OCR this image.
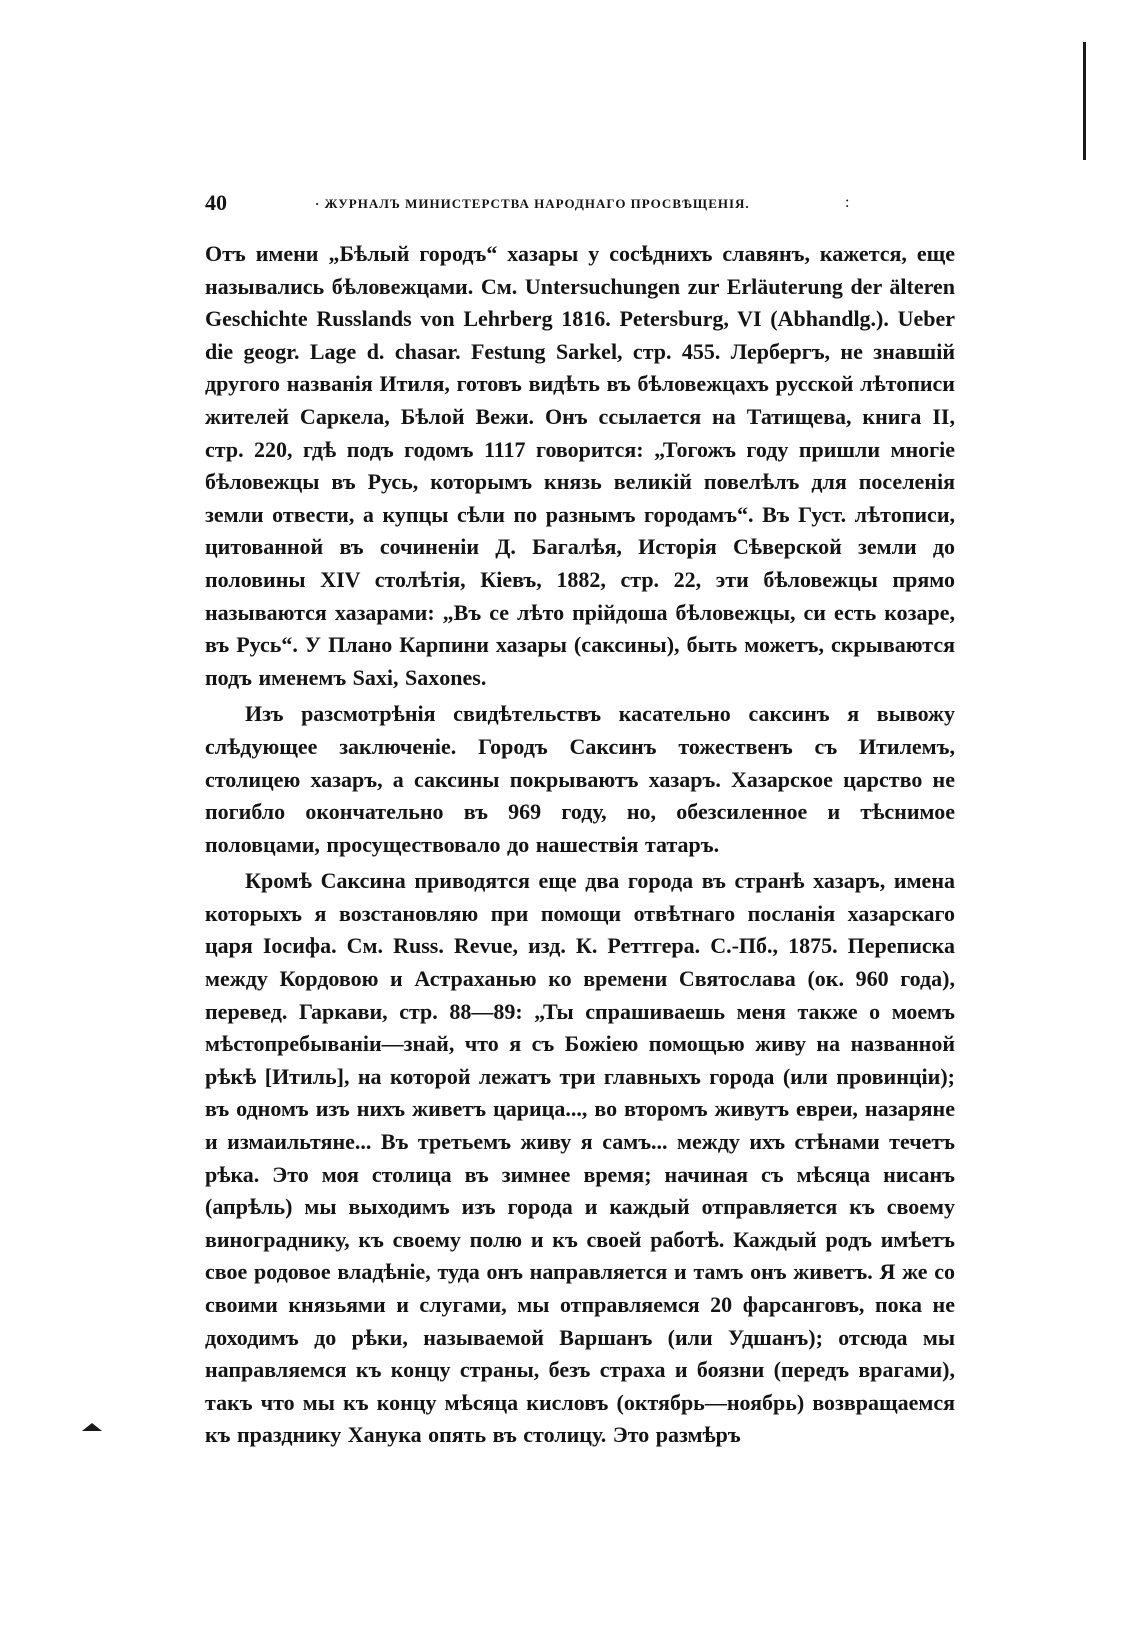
40	· ЖУРНАЛЪ МИНИСТЕРСТВА НАРОДНАГО ПРОСВѢЩЕНIЯ.	:

Отъ имени „Бѣлый городъ“ хазары у сосѣднихъ славянъ, кажется, еще назывались бѣловежцами. См. Untersuchungen zur Erläuterung der älteren Geschichte Russlands von Lehrberg 1816. Petersburg, VI (Abhandlg.). Ueber die geogr. Lage d. chasar. Festung Sarkel, стр. 455. Лербергъ, не знавшій другого названія Итиля, готовъ видѣть въ бѣловежцахъ русской лѣтописи жителей Саркела, Бѣлой Вежи. Онъ ссылается на Татищева, книга II, стр. 220, гдѣ подъ годомъ 1117 говорится: „Тогожъ году пришли многіе бѣловежцы въ Русь, которымъ князь великій повелѣлъ для поселенія земли отвести, а купцы сѣли по разнымъ городамъ“. Въ Густ. лѣтописи, цитованной въ сочиненіи Д. Багалѣя, Исторія Сѣверской земли до половины XIV столѣтія, Кіевъ, 1882, стр. 22, эти бѣловежцы прямо называются хазарами: „Въ се лѣто прійдоша бѣловежцы, си есть козаре, въ Русь“. У Плано Карпини хазары (саксины), быть можетъ, скрываются подъ именемъ Saxi, Saxones.

Изъ разсмотрѣнія свидѣтельствъ касательно саксинъ я вывожу слѣдующее заключеніе. Городъ Саксинъ тожественъ съ Итилемъ, столицею хазаръ, а саксины покрываютъ хазаръ. Хазарское царство не погибло окончательно въ 969 году, но, обезсиленное и тѣснимое половцами, просуществовало до нашествія татаръ.

Кромѣ Саксина приводятся еще два города въ странѣ хазаръ, имена которыхъ я возстановляю при помощи отвѣтнаго посланія хазарскаго царя Іосифа. См. Russ. Revue, изд. К. Реттгера. С.-Пб., 1875. Переписка между Кордовою и Астраханью ко времени Святослава (ок. 960 года), перевед. Гаркави, стр. 88—89: „Ты спрашиваешь меня также о моемъ мѣстопребываніи—знай, что я съ Божіею помощью живу на названной рѣкѣ [Итиль], на которой лежатъ три главныхъ города (или провинціи); въ одномъ изъ нихъ живетъ царица..., во второмъ живутъ евреи, назаряне и измаильтяне... Въ третьемъ живу я самъ... между ихъ стѣнами течетъ рѣка. Это моя столица въ зимнее время; начиная съ мѣсяца нисанъ (апрѣль) мы выходимъ изъ города и каждый отправляется къ своему винограднику, къ своему полю и къ своей работѣ. Каждый родъ имѣетъ свое родовое владѣніе, туда онъ направляется и тамъ онъ живетъ. Я же со своими князьями и слугами, мы отправляемся 20 фарсанговъ, пока не доходимъ до рѣки, называемой Варшанъ (или Удшанъ); отсюда мы направляемся къ концу страны, безъ страха и боязни (передъ врагами), такъ что мы къ концу мѣсяца кисловъ (октябрь—ноябрь) возвращаемся къ празднику Ханука опять въ столицу. Это размѣръ
